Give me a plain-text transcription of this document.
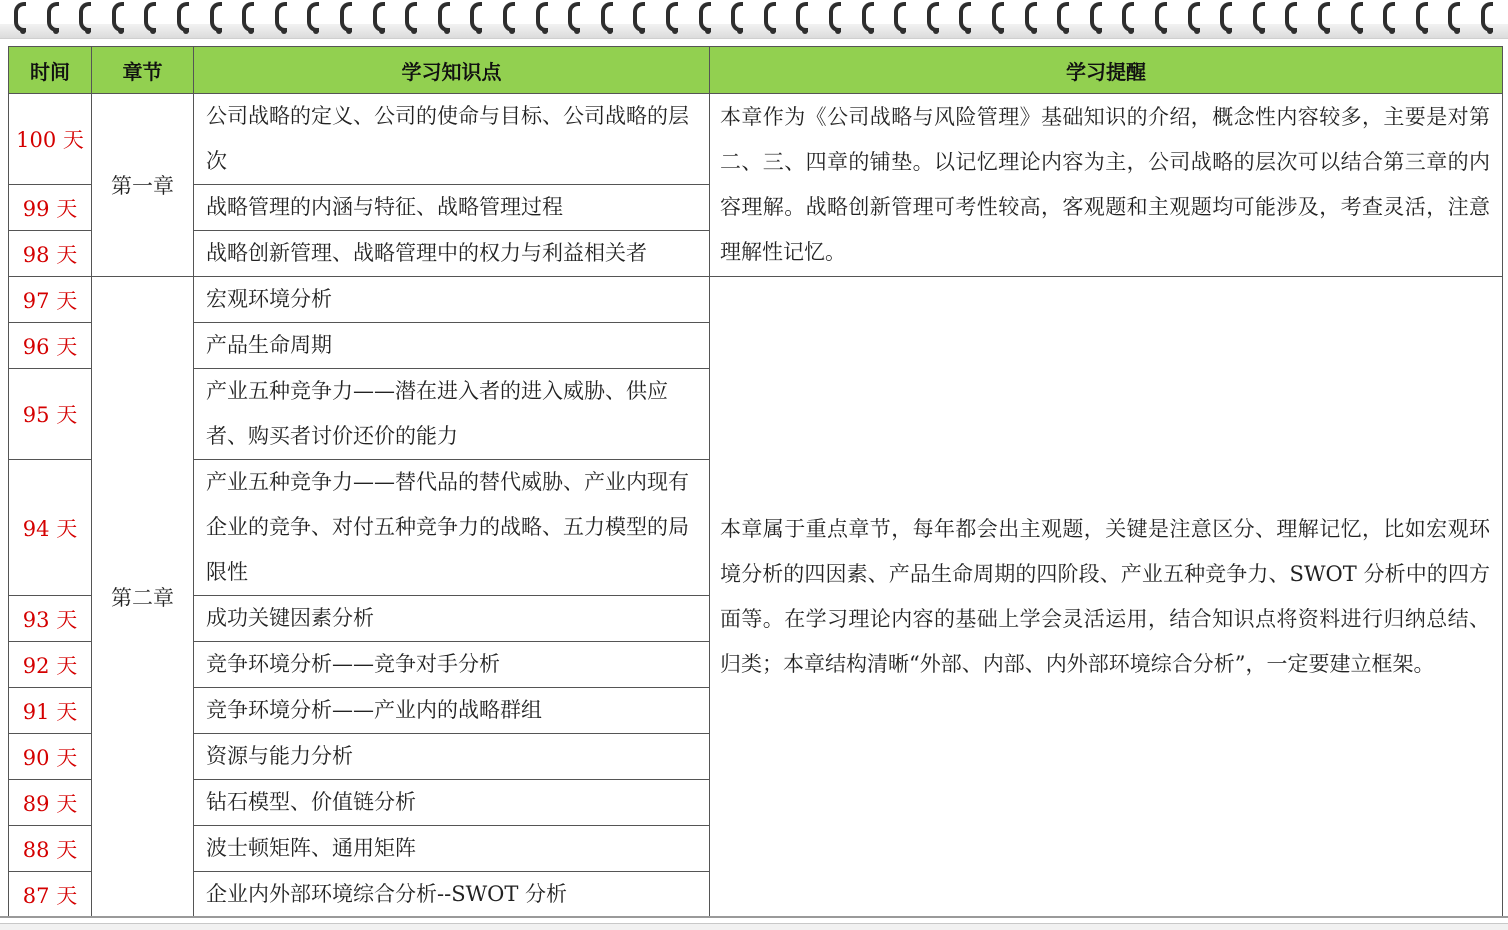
时间	章节	学习知识点	学习提醒
100 天	第一章	公司战略的定义、公司的使命与目标、公司战略的层次	本章作为《公司战略与风险管理》基础知识的介绍，概念性内容较多，主要是对第二、三、四章的铺垫。以记忆理论内容为主，公司战略的层次可以结合第三章的内容理解。战略创新管理可考性较高，客观题和主观题均可能涉及，考查灵活，注意理解性记忆。
99 天		战略管理的内涵与特征、战略管理过程	
98 天		战略创新管理、战略管理中的权力与利益相关者	
97 天	第二章	宏观环境分析	本章属于重点章节，每年都会出主观题，关键是注意区分、理解记忆，比如宏观环境分析的四因素、产品生命周期的四阶段、产业五种竞争力、SWOT 分析中的四方面等。在学习理论内容的基础上学会灵活运用，结合知识点将资料进行归纳总结、归类；本章结构清晰“外部、内部、内外部环境综合分析”，一定要建立框架。
96 天		产品生命周期	
95 天		产业五种竞争力——潜在进入者的进入威胁、供应者、购买者讨价还价的能力	
94 天		产业五种竞争力——替代品的替代威胁、产业内现有企业的竞争、对付五种竞争力的战略、五力模型的局限性	
93 天		成功关键因素分析	
92 天		竞争环境分析——竞争对手分析	
91 天		竞争环境分析——产业内的战略群组	
90 天		资源与能力分析	
89 天		钻石模型、价值链分析	
88 天		波士顿矩阵、通用矩阵	
87 天		企业内外部环境综合分析--SWOT 分析	
